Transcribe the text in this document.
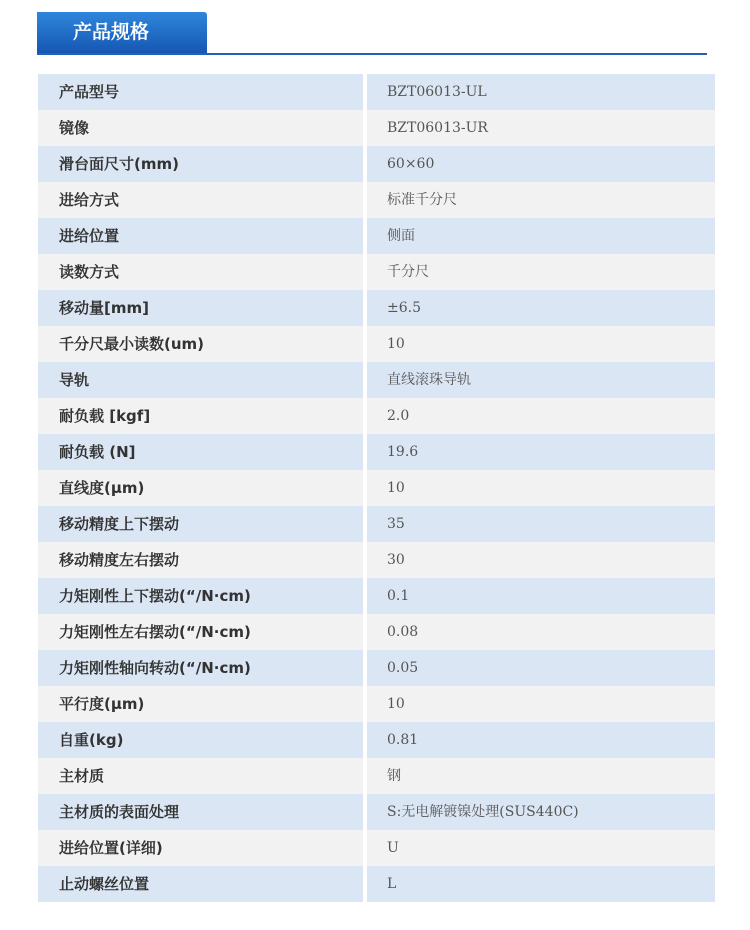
产品规格
产品型号	BZT06013-UL
镜像	BZT06013-UR
滑台面尺寸(mm)	60×60
进给方式	标准千分尺
进给位置	侧面
读数方式	千分尺
移动量[mm]	±6.5
千分尺最小读数(um)	10
导轨	直线滚珠导轨
耐负载 [kgf]	2.0
耐负载 (N]	19.6
直线度(μm)	10
移动精度上下摆动	35
移动精度左右摆动	30
力矩刚性上下摆动(“/N·cm)	0.1
力矩刚性左右摆动(“/N·cm)	0.08
力矩刚性轴向转动(“/N·cm)	0.05
平行度(μm)	10
自重(kg)	0.81
主材质	钢
主材质的表面处理	S:无电解镀镍处理(SUS440C)
进给位置(详细)	U
止动螺丝位置	L
